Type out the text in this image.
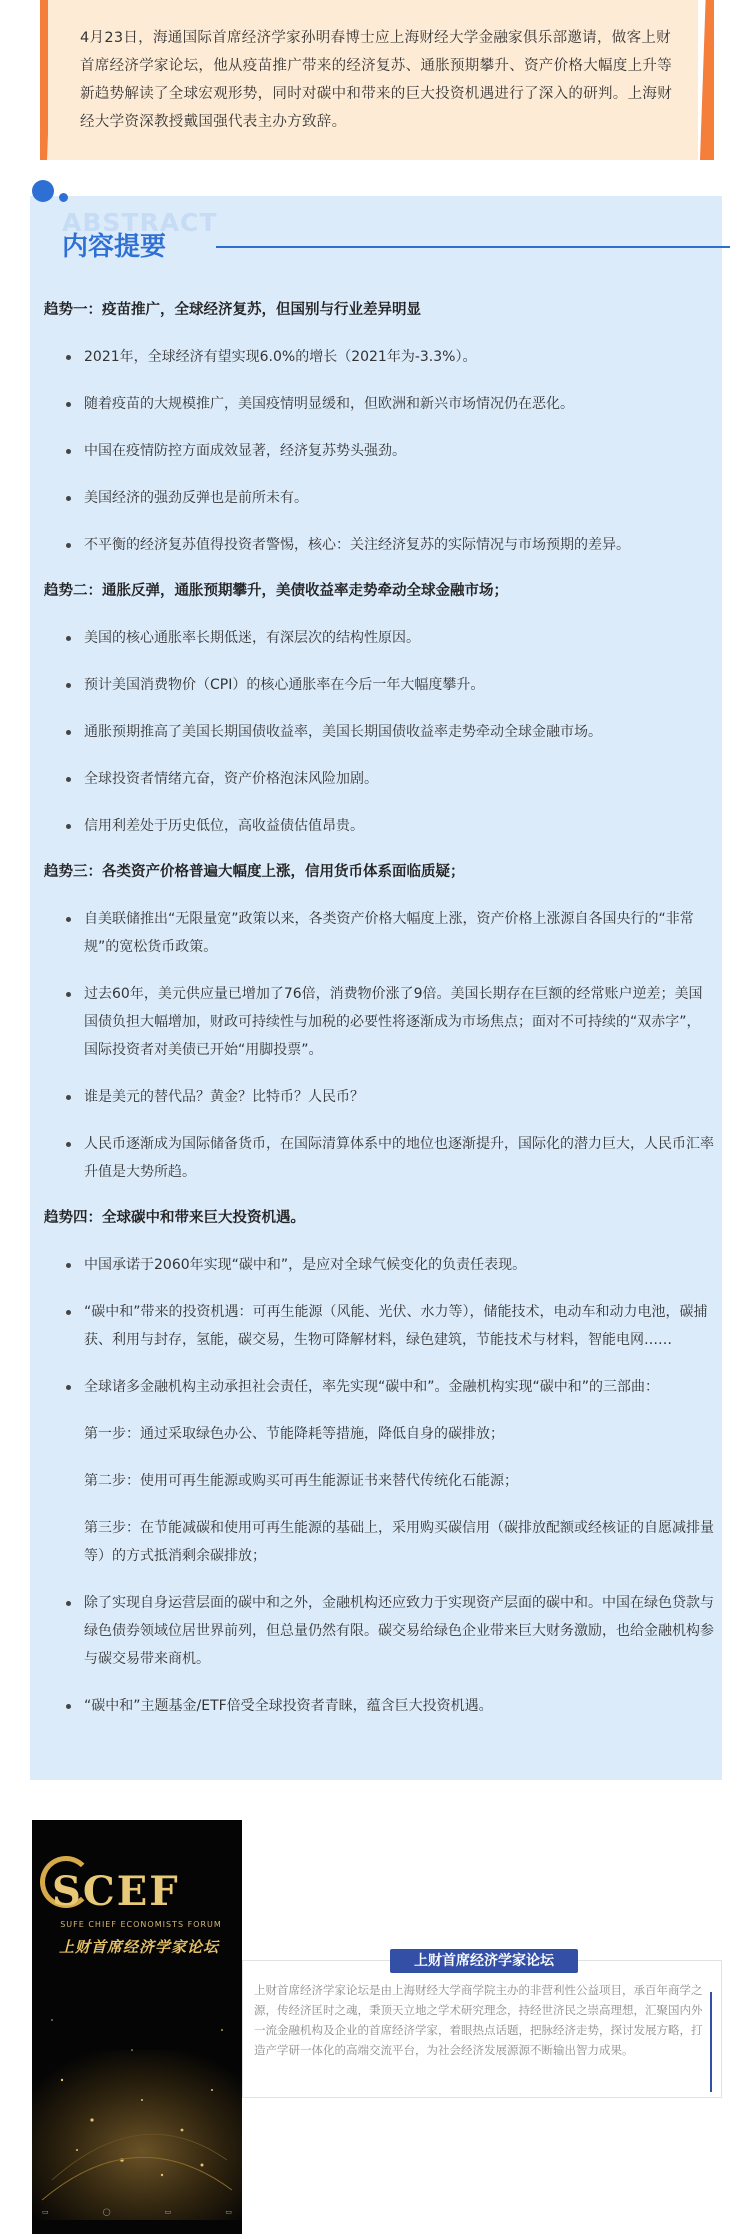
4月23日，海通国际首席经济学家孙明春博士应上海财经大学金融家俱乐部邀请，做客上财首席经济学家论坛，他从疫苗推广带来的经济复苏、通胀预期攀升、资产价格大幅度上升等新趋势解读了全球宏观形势，同时对碳中和带来的巨大投资机遇进行了深入的研判。上海财经大学资深教授戴国强代表主办方致辞。

ABSTRACT
内容提要
趋势一：疫苗推广，全球经济复苏，但国别与行业差异明显
2021年，全球经济有望实现6.0%的增长（2021年为-3.3%）。
随着疫苗的大规模推广，美国疫情明显缓和，但欧洲和新兴市场情况仍在恶化。
中国在疫情防控方面成效显著，经济复苏势头强劲。
美国经济的强劲反弹也是前所未有。
不平衡的经济复苏值得投资者警惕，核心：关注经济复苏的实际情况与市场预期的差异。
趋势二：通胀反弹，通胀预期攀升，美债收益率走势牵动全球金融市场；
美国的核心通胀率长期低迷，有深层次的结构性原因。
预计美国消费物价（CPI）的核心通胀率在今后一年大幅度攀升。
通胀预期推高了美国长期国债收益率，美国长期国债收益率走势牵动全球金融市场。
全球投资者情绪亢奋，资产价格泡沫风险加剧。
信用利差处于历史低位，高收益债估值昂贵。
趋势三：各类资产价格普遍大幅度上涨，信用货币体系面临质疑；
自美联储推出“无限量宽”政策以来，各类资产价格大幅度上涨，资产价格上涨源自各国央行的“非常规”的宽松货币政策。
过去60年，美元供应量已增加了76倍，消费物价涨了9倍。美国长期存在巨额的经常账户逆差；美国国债负担大幅增加，财政可持续性与加税的必要性将逐渐成为市场焦点；面对不可持续的“双赤字”，国际投资者对美债已开始“用脚投票”。
谁是美元的替代品？黄金？比特币？人民币？
人民币逐渐成为国际储备货币，在国际清算体系中的地位也逐渐提升，国际化的潜力巨大，人民币汇率升值是大势所趋。
趋势四：全球碳中和带来巨大投资机遇。
中国承诺于2060年实现“碳中和”，是应对全球气候变化的负责任表现。
“碳中和”带来的投资机遇：可再生能源（风能、光伏、水力等），储能技术，电动车和动力电池，碳捕获、利用与封存，氢能，碳交易，生物可降解材料，绿色建筑，节能技术与材料，智能电网……
全球诸多金融机构主动承担社会责任，率先实现“碳中和”。金融机构实现“碳中和”的三部曲：
第一步：通过采取绿色办公、节能降耗等措施，降低自身的碳排放；
第二步：使用可再生能源或购买可再生能源证书来替代传统化石能源；
第三步：在节能减碳和使用可再生能源的基础上，采用购买碳信用（碳排放配额或经核证的自愿减排量等）的方式抵消剩余碳排放；
除了实现自身运营层面的碳中和之外，金融机构还应致力于实现资产层面的碳中和。中国在绿色贷款与绿色债券领域位居世界前列，但总量仍然有限。碳交易给绿色企业带来巨大财务激励，也给金融机构参与碳交易带来商机。
“碳中和”主题基金/ETF倍受全球投资者青睐，蕴含巨大投资机遇。
SCEF
SUFE CHIEF ECONOMISTS FORUM
上财首席经济学家论坛
▭	◯	▭	▭
上财首席经济学家论坛

上财首席经济学家论坛是由上海财经大学商学院主办的非营利性公益项目，承百年商学之源，传经济匡时之魂，秉顶天立地之学术研究理念，持经世济民之崇高理想，汇聚国内外一流金融机构及企业的首席经济学家，着眼热点话题，把脉经济走势，探讨发展方略，打造产学研一体化的高端交流平台，为社会经济发展源源不断输出智力成果。
